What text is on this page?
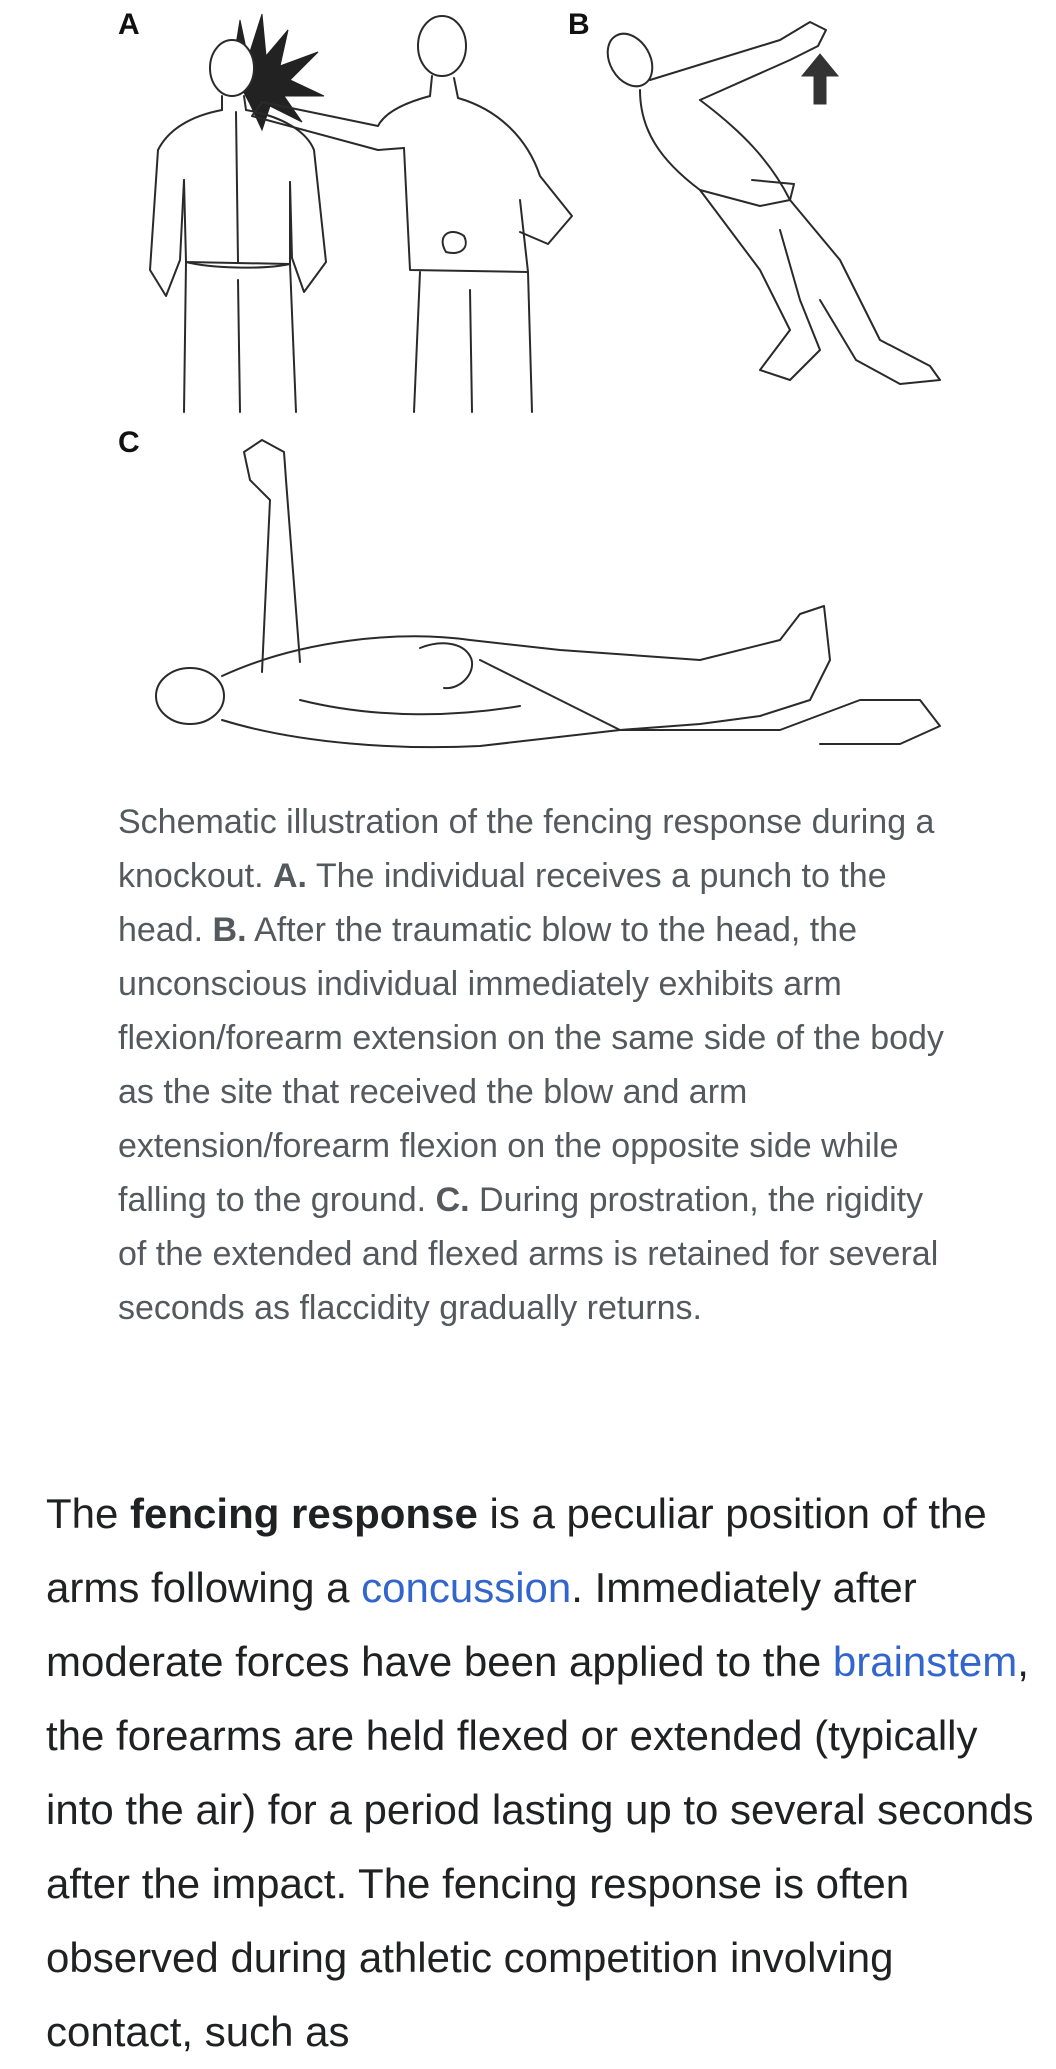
A	B
C

Schematic illustration of the fencing response during a knockout. A. The individual receives a punch to the head. B. After the traumatic blow to the head, the unconscious individual immediately exhibits arm flexion/forearm extension on the same side of the body as the site that received the blow and arm extension/forearm flexion on the opposite side while falling to the ground. C. During prostration, the rigidity of the extended and flexed arms is retained for several seconds as flaccidity gradually returns.

The fencing response is a peculiar position of the arms following a concussion. Immediately after moderate forces have been applied to the brainstem, the forearms are held flexed or extended (typically into the air) for a period lasting up to several seconds after the impact. The fencing response is often observed during athletic competition involving contact, such as
